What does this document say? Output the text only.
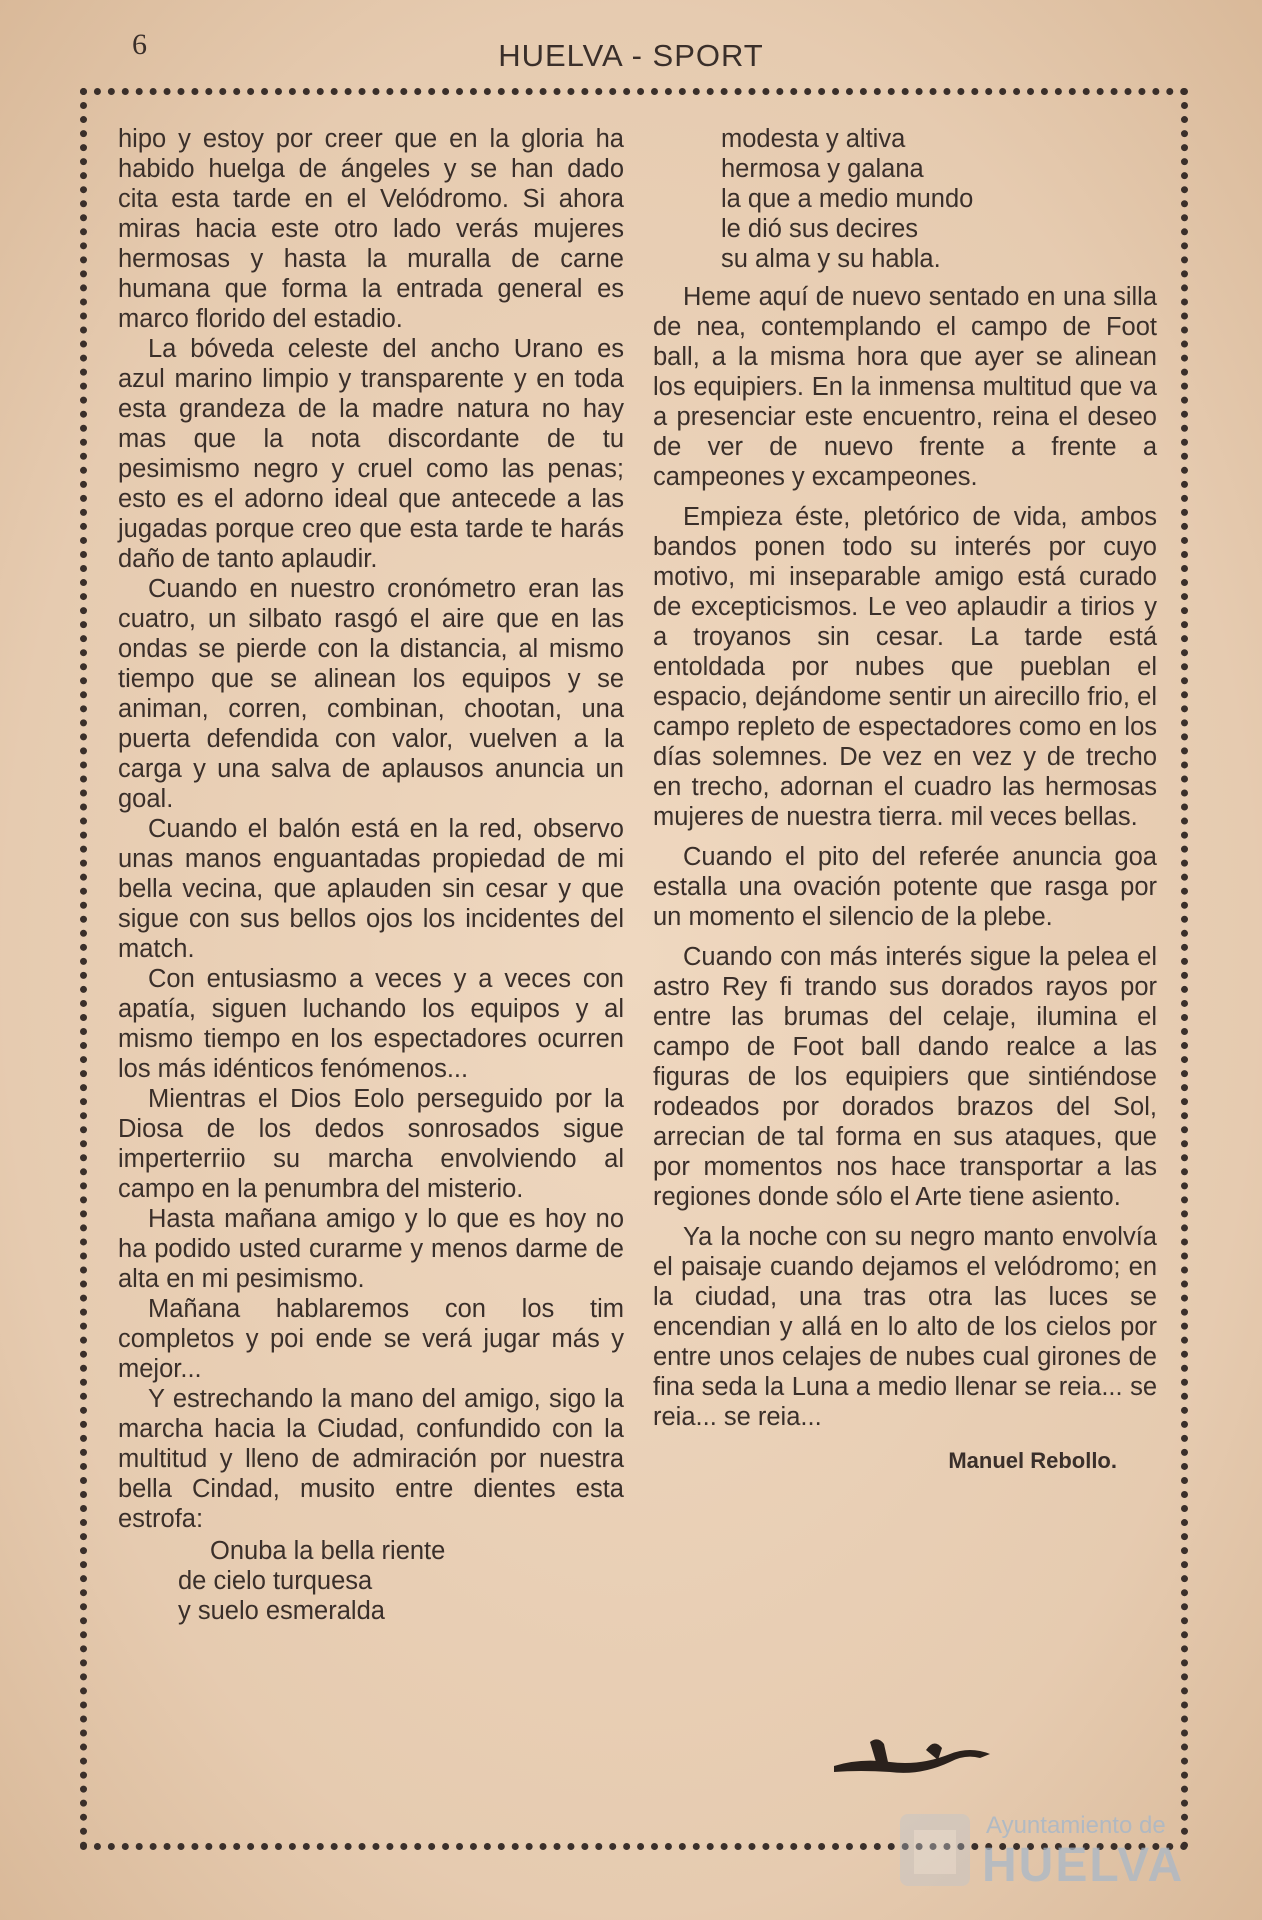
6	HUELVA - SPORT

hipo y estoy por creer que en la gloria ha habido huelga de ángeles y se han dado cita esta tarde en el Velódromo. Si ahora miras hacia este otro lado verás mujeres hermosas y hasta la muralla de carne humana que forma la entrada general es marco florido del estadio.

La bóveda celeste del ancho Urano es azul marino limpio y transparente y en toda esta grandeza de la madre natura no hay mas que la nota discordante de tu pesimismo negro y cruel como las penas; esto es el adorno ideal que antecede a las jugadas porque creo que esta tarde te harás daño de tanto aplaudir.

Cuando en nuestro cronómetro eran las cuatro, un silbato rasgó el aire que en las ondas se pierde con la distancia, al mismo tiempo que se alinean los equipos y se animan, corren, combinan, chootan, una puerta defendida con valor, vuelven a la carga y una salva de aplausos anuncia un goal.

Cuando el balón está en la red, observo unas manos enguantadas propiedad de mi bella vecina, que aplauden sin cesar y que sigue con sus bellos ojos los incidentes del match.

Con entusiasmo a veces y a veces con apatía, siguen luchando los equipos y al mismo tiempo en los espectadores ocurren los más idénticos fenómenos...

Mientras el Dios Eolo perseguido por la Diosa de los dedos sonrosados sigue imperterriio su marcha envolviendo al campo en la penumbra del misterio.

Hasta mañana amigo y lo que es hoy no ha podido usted curarme y menos darme de alta en mi pesimismo.

Mañana hablaremos con los tim completos y poi ende se verá jugar más y mejor...

Y estrechando la mano del amigo, sigo la marcha hacia la Ciudad, confundido con la multitud y lleno de admiración por nuestra bella Cindad, musito entre dientes esta estrofa:

Onuba la bella riente

de cielo turquesa

y suelo esmeralda

modesta y altiva

hermosa y galana

la que a medio mundo

le dió sus decires

su alma y su habla.

Heme aquí de nuevo sentado en una silla de nea, contemplando el campo de Foot ball, a la misma hora que ayer se alinean los equipiers. En la inmensa multitud que va a presenciar este encuentro, reina el deseo de ver de nuevo frente a frente a campeones y excampeones.

Empieza éste, pletórico de vida, ambos bandos ponen todo su interés por cuyo motivo, mi inseparable amigo está curado de excepticismos. Le veo aplaudir a tirios y a troyanos sin cesar. La tarde está entoldada por nubes que pueblan el espacio, dejándome sentir un airecillo frio, el campo repleto de espectadores como en los días solemnes. De vez en vez y de trecho en trecho, adornan el cuadro las hermosas mujeres de nuestra tierra. mil veces bellas.

Cuando el pito del referée anuncia goa estalla una ovación potente que rasga por un momento el silencio de la plebe.

Cuando con más interés sigue la pelea el astro Rey fi trando sus dorados rayos por entre las brumas del celaje, ilumina el campo de Foot ball dando realce a las figuras de los equipiers que sintiéndose rodeados por dorados brazos del Sol, arrecian de tal forma en sus ataques, que por momentos nos hace transportar a las regiones donde sólo el Arte tiene asiento.

Ya la noche con su negro manto envolvía el paisaje cuando dejamos el velódromo; en la ciudad, una tras otra las luces se encendian y allá en lo alto de los cielos por entre unos celajes de nubes cual girones de fina seda la Luna a medio llenar se reia... se reia... se reia...

Manuel Rebollo.
Ayuntamiento de
HUELVA
